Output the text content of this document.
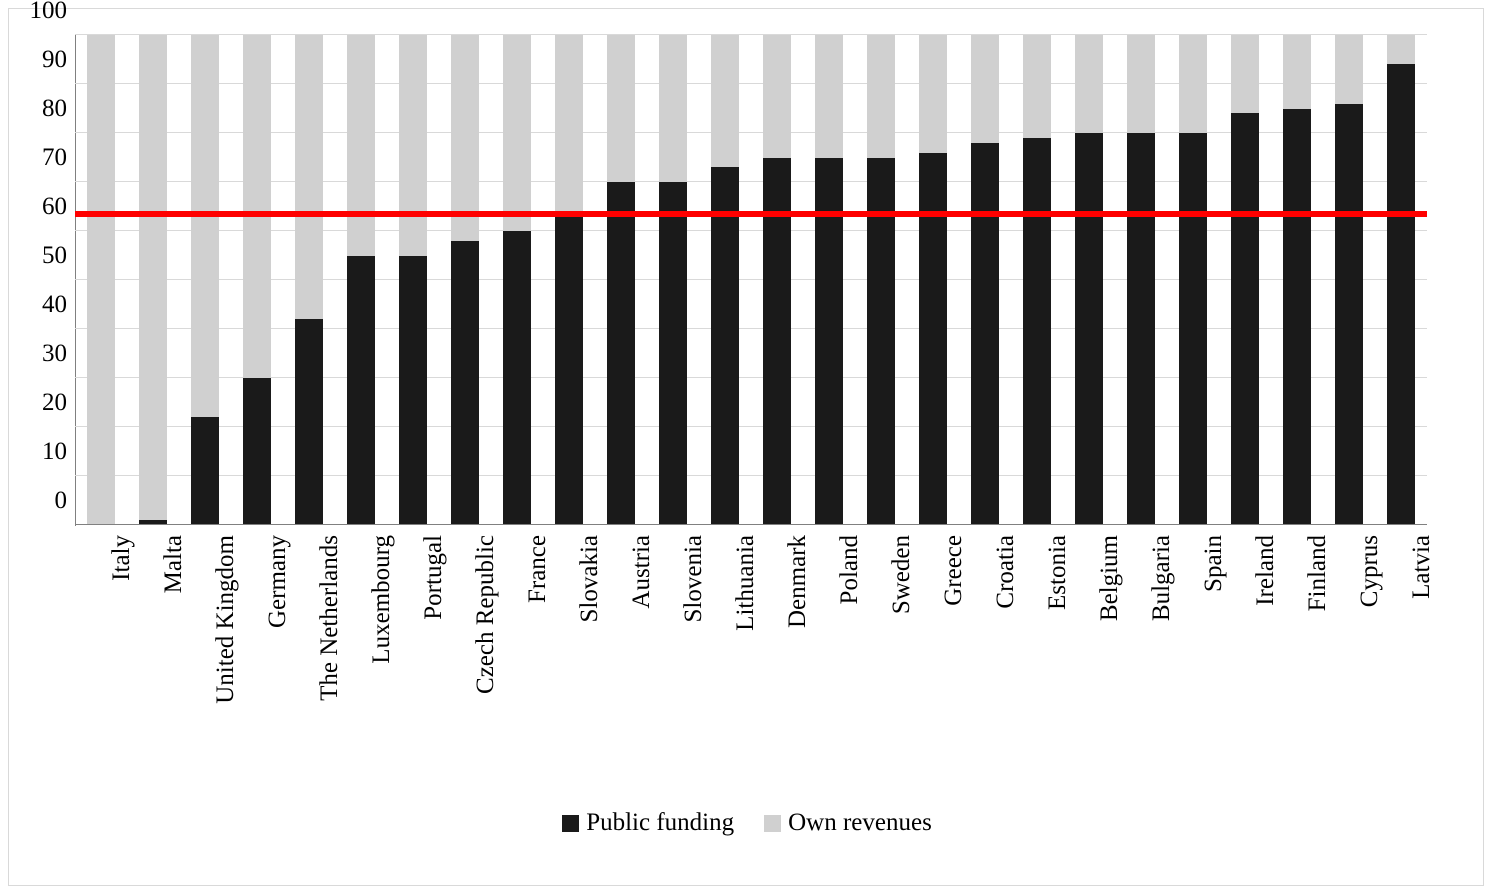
0
10
20
30
40
50
60
70
80
90
100
Italy Malta United Kingdom Germany The Netherlands Luxembourg Portugal Czech Republic France Slovakia Austria Slovenia Lithuania Denmark Poland Sweden Greece Croatia Estonia Belgium Bulgaria Spain Ireland Finland Cyprus Latvia
Public funding Own revenues
